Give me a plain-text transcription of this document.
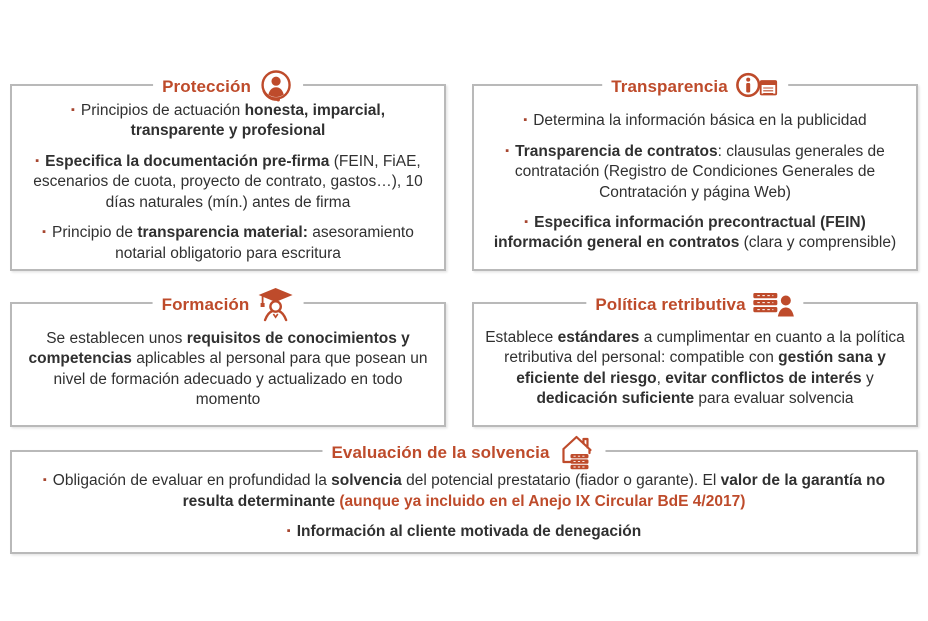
Protección
▪ Principios de actuación honesta, imparcial, transparente y profesional
▪ Especifica la documentación pre-firma (FEIN, FiAE, escenarios de cuota, proyecto de contrato, gastos…), 10 días naturales (mín.) antes de firma
▪ Principio de transparencia material: asesoramiento notarial obligatorio para escritura
Transparencia
▪ Determina la información básica en la publicidad
▪ Transparencia de contratos: clausulas generales de contratación (Registro de Condiciones Generales de Contratación y página Web)
▪ Especifica información precontractual (FEIN) información general en contratos (clara y comprensible)
Formación
Se establecen unos requisitos de conocimientos y competencias aplicables al personal para que posean un nivel de formación adecuado y actualizado en todo momento
Política retributiva
Establece estándares a cumplimentar en cuanto a la política retributiva del personal: compatible con gestión sana y eficiente del riesgo, evitar conflictos de interés y dedicación suficiente para evaluar solvencia
Evaluación de la solvencia
▪ Obligación de evaluar en profundidad la solvencia del potencial prestatario (fiador o garante). El valor de la garantía no resulta determinante (aunque ya incluido en el Anejo IX Circular BdE 4/2017)
▪ Información al cliente motivada de denegación
